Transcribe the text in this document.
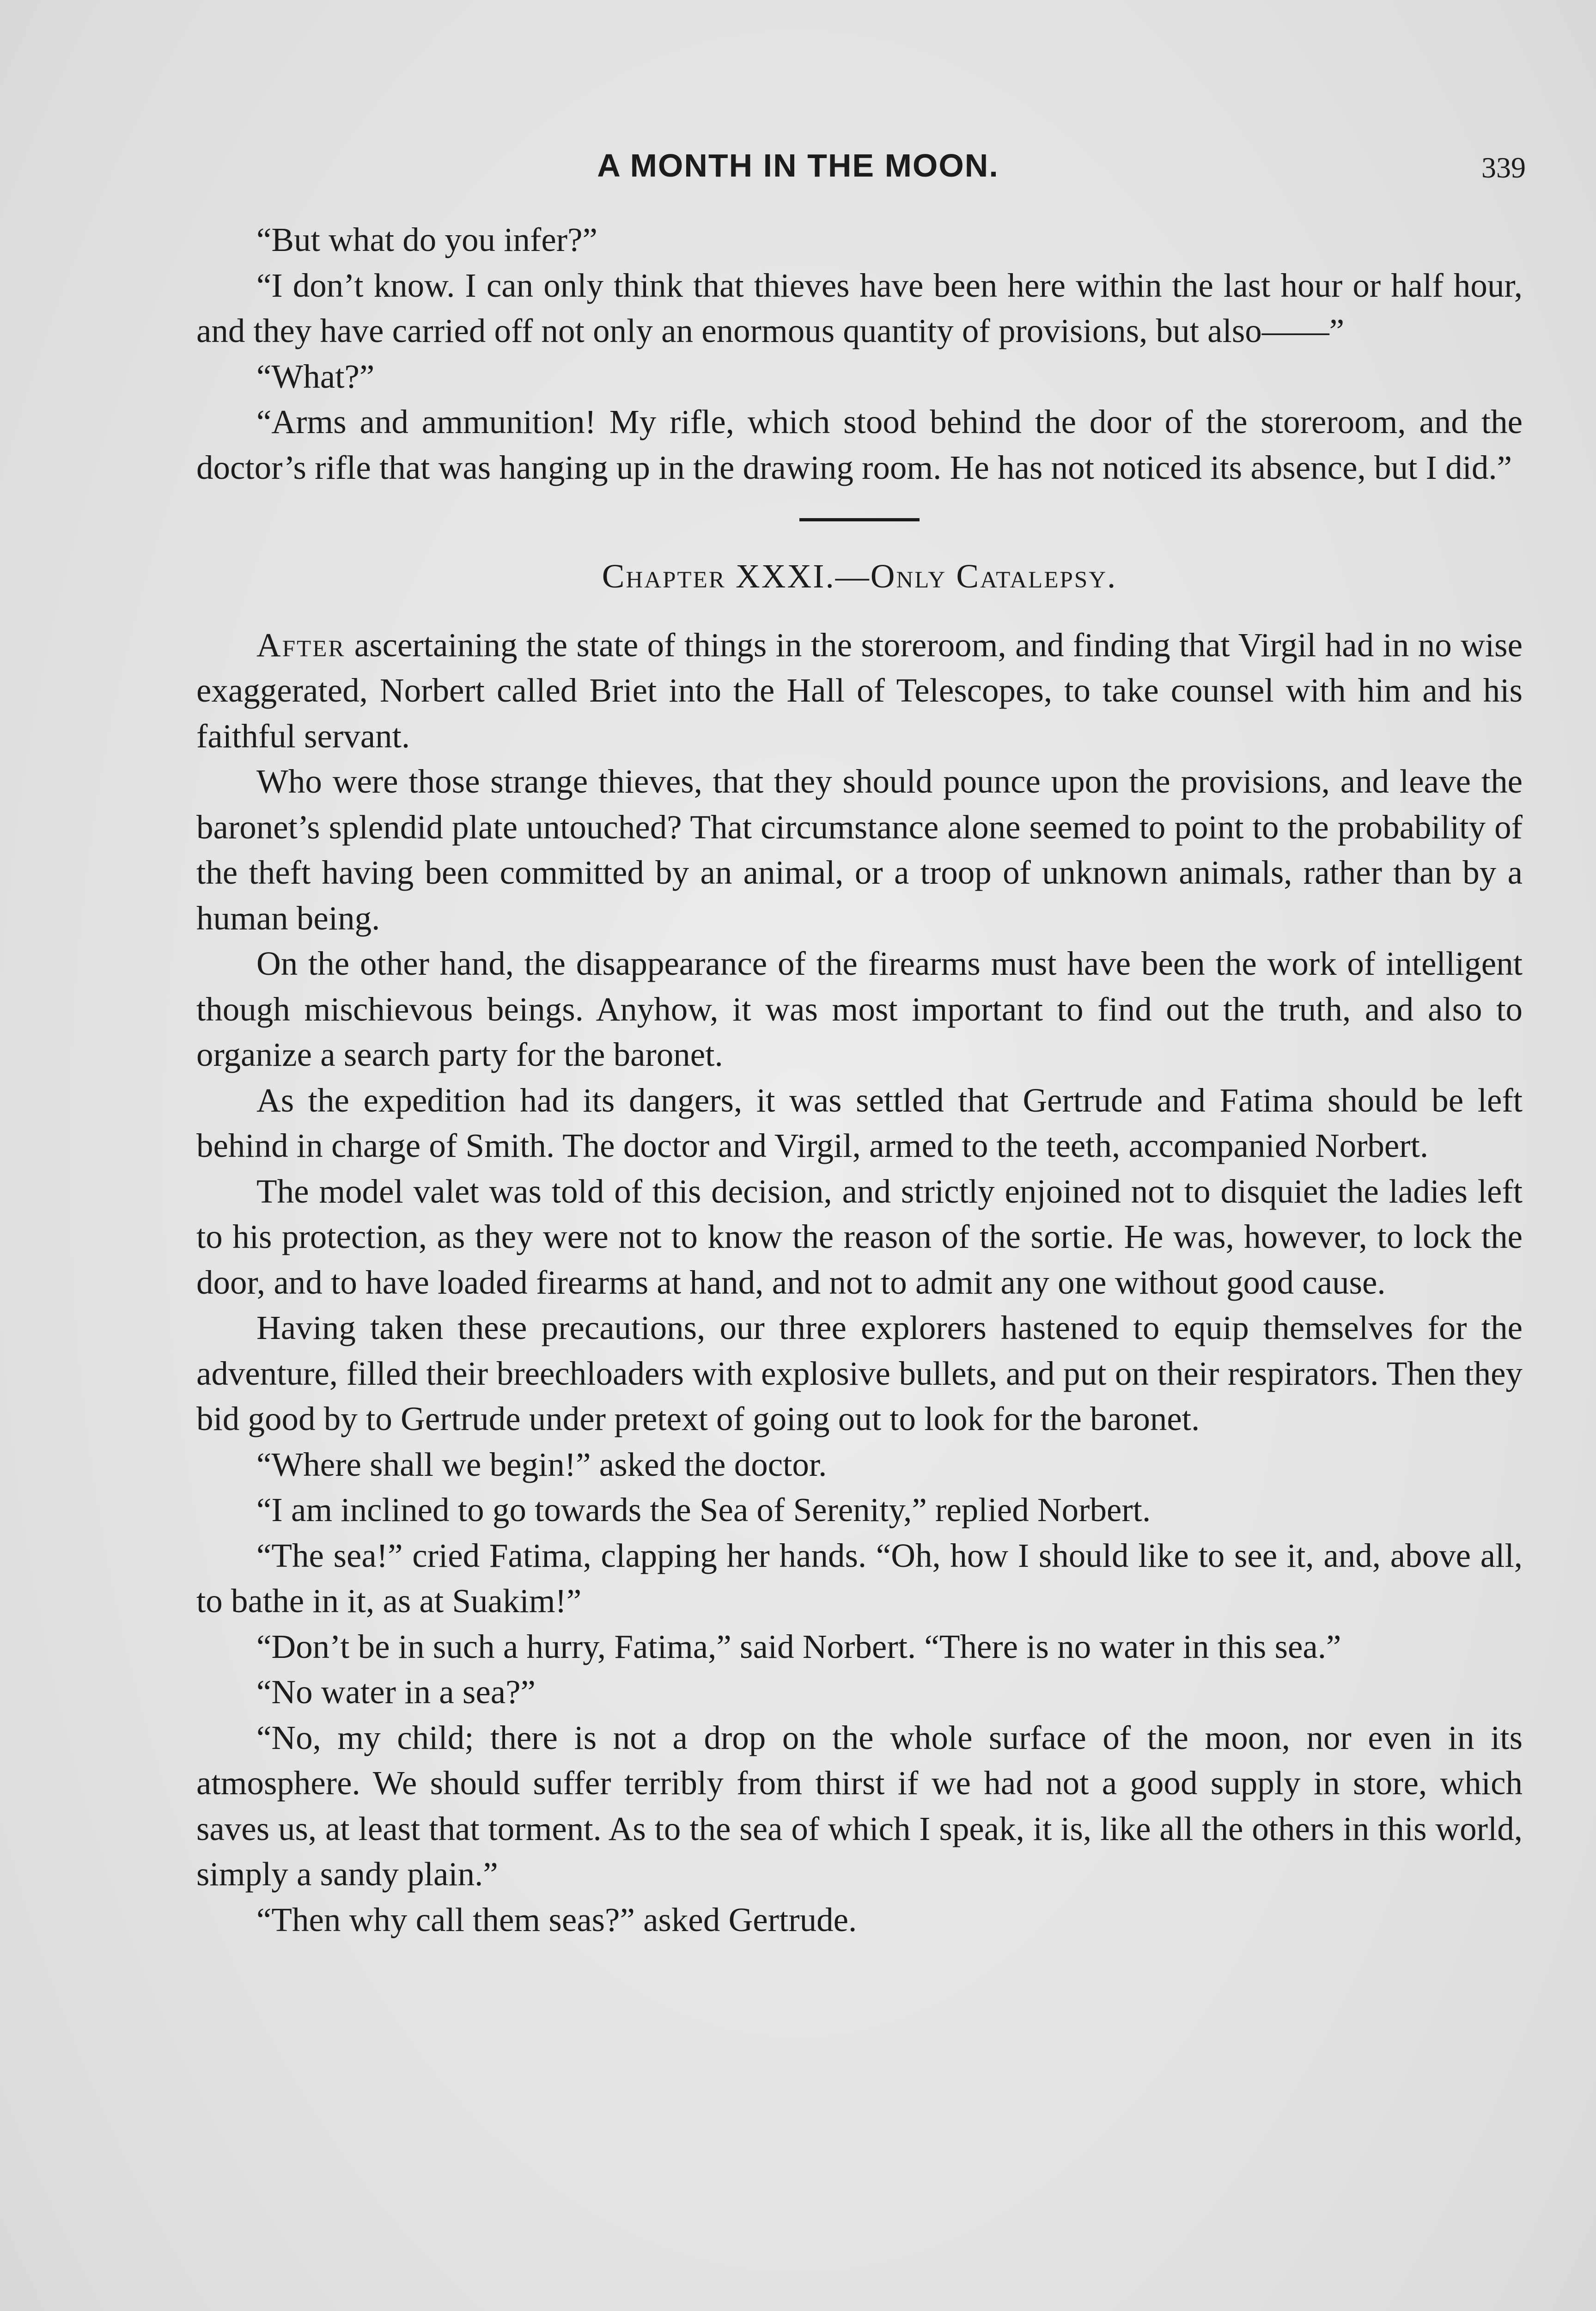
A MONTH IN THE MOON.	339

“But what do you infer?”

“I don’t know. I can only think that thieves have been here within the last hour or half hour, and they have carried off not only an enormous quantity of provisions, but also——”

“What?”

“Arms and ammunition! My rifle, which stood behind the door of the storeroom, and the doctor’s rifle that was hanging up in the drawing room. He has not noticed its absence, but I did.”

Chapter XXXI.—Only Catalepsy.

After ascertaining the state of things in the storeroom, and finding that Virgil had in no wise exaggerated, Norbert called Briet into the Hall of Telescopes, to take counsel with him and his faithful servant.

Who were those strange thieves, that they should pounce upon the provisions, and leave the baronet’s splendid plate untouched? That circumstance alone seemed to point to the probability of the theft having been committed by an animal, or a troop of unknown animals, rather than by a human being.

On the other hand, the disappearance of the firearms must have been the work of intelligent though mischievous beings. Anyhow, it was most important to find out the truth, and also to organize a search party for the baronet.

As the expedition had its dangers, it was settled that Gertrude and Fatima should be left behind in charge of Smith. The doctor and Virgil, armed to the teeth, accompanied Norbert.

The model valet was told of this decision, and strictly enjoined not to disquiet the ladies left to his protection, as they were not to know the reason of the sortie. He was, however, to lock the door, and to have loaded firearms at hand, and not to admit any one without good cause.

Having taken these precautions, our three explorers hastened to equip themselves for the adventure, filled their breechloaders with explosive bullets, and put on their respirators. Then they bid good by to Gertrude under pretext of going out to look for the baronet.

“Where shall we begin!” asked the doctor.

“I am inclined to go towards the Sea of Serenity,” replied Norbert.

“The sea!” cried Fatima, clapping her hands. “Oh, how I should like to see it, and, above all, to bathe in it, as at Suakim!”

“Don’t be in such a hurry, Fatima,” said Norbert. “There is no water in this sea.”

“No water in a sea?”

“No, my child; there is not a drop on the whole surface of the moon, nor even in its atmosphere. We should suffer terribly from thirst if we had not a good supply in store, which saves us, at least that torment. As to the sea of which I speak, it is, like all the others in this world, simply a sandy plain.”

“Then why call them seas?” asked Gertrude.
